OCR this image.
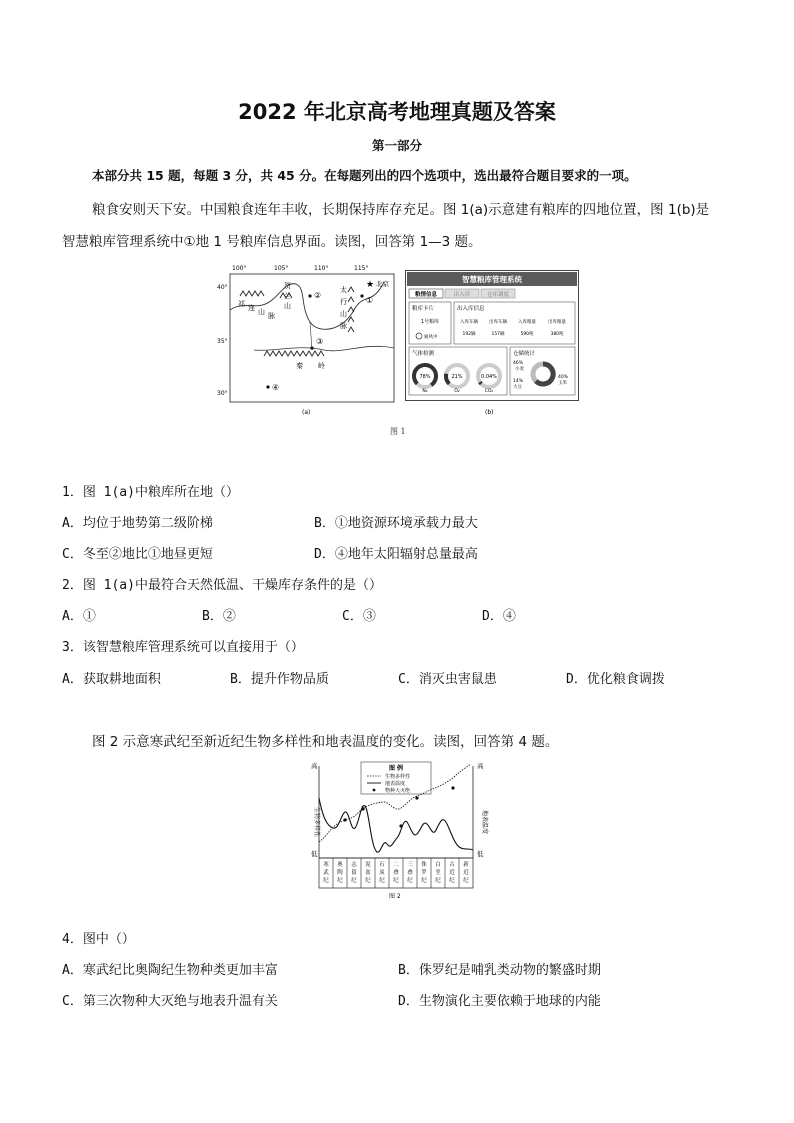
2022 年北京高考地理真题及答案
第一部分
本部分共 15 题，每题 3 分，共 45 分。在每题列出的四个选项中，选出最符合题目要求的一项。
粮食安则天下安。中国粮食连年丰收，长期保持库存充足。图 1(a)示意建有粮库的四地位置，图 1(b)是
智慧粮库管理系统中①地 1 号粮库信息界面。读图，回答第 1—3 题。
100°	105°	110°	115°
40°
35°
30°
祁 连 山 脉
贺
兰
山
太
行
山
脉
秦 岭
★ 北京
①
②
③
④
(a)
智慧粮库管理系统
粮情信息	出入库	仓库调度
粮库卡片
1号粮库
通风中
出入库信息
入库车辆 出库车辆 入库粮量	出库粮量
192辆	157辆	590吨	380吨
气体检测
78%
N₂
21%
O₂
0.04%
CO₂
仓储统计
46%
小麦
14%
大豆
40%
玉米
(b)
图 1
1．图 1(a)中粮库所在地（）
A．均位于地势第二级阶梯	B．①地资源环境承载力最大
C．冬至②地比①地昼更短	D．④地年太阳辐射总量最高
2．图 1(a)中最符合天然低温、干燥库存条件的是（）
A．①	B．②	C．③	D．④
3．该智慧粮库管理系统可以直接用于（）
A．获取耕地面积	B．提升作物品质	C．消灭虫害鼠患	D．优化粮食调拨
图 2 示意寒武纪至新近纪生物多样性和地表温度的变化。读图，回答第 4 题。
高
低
高
低
生物多样性	地表温度
图 例
生物多样性
地表温度
物种大灭绝
寒武纪
奥陶纪
志留纪
泥盆纪
石炭纪
二叠纪
三叠纪
侏罗纪
白垩纪
古近纪
新近纪
图 2
4．图中（）
A．寒武纪比奥陶纪生物种类更加丰富	B．侏罗纪是哺乳类动物的繁盛时期
C．第三次物种大灭绝与地表升温有关	D．生物演化主要依赖于地球的内能
